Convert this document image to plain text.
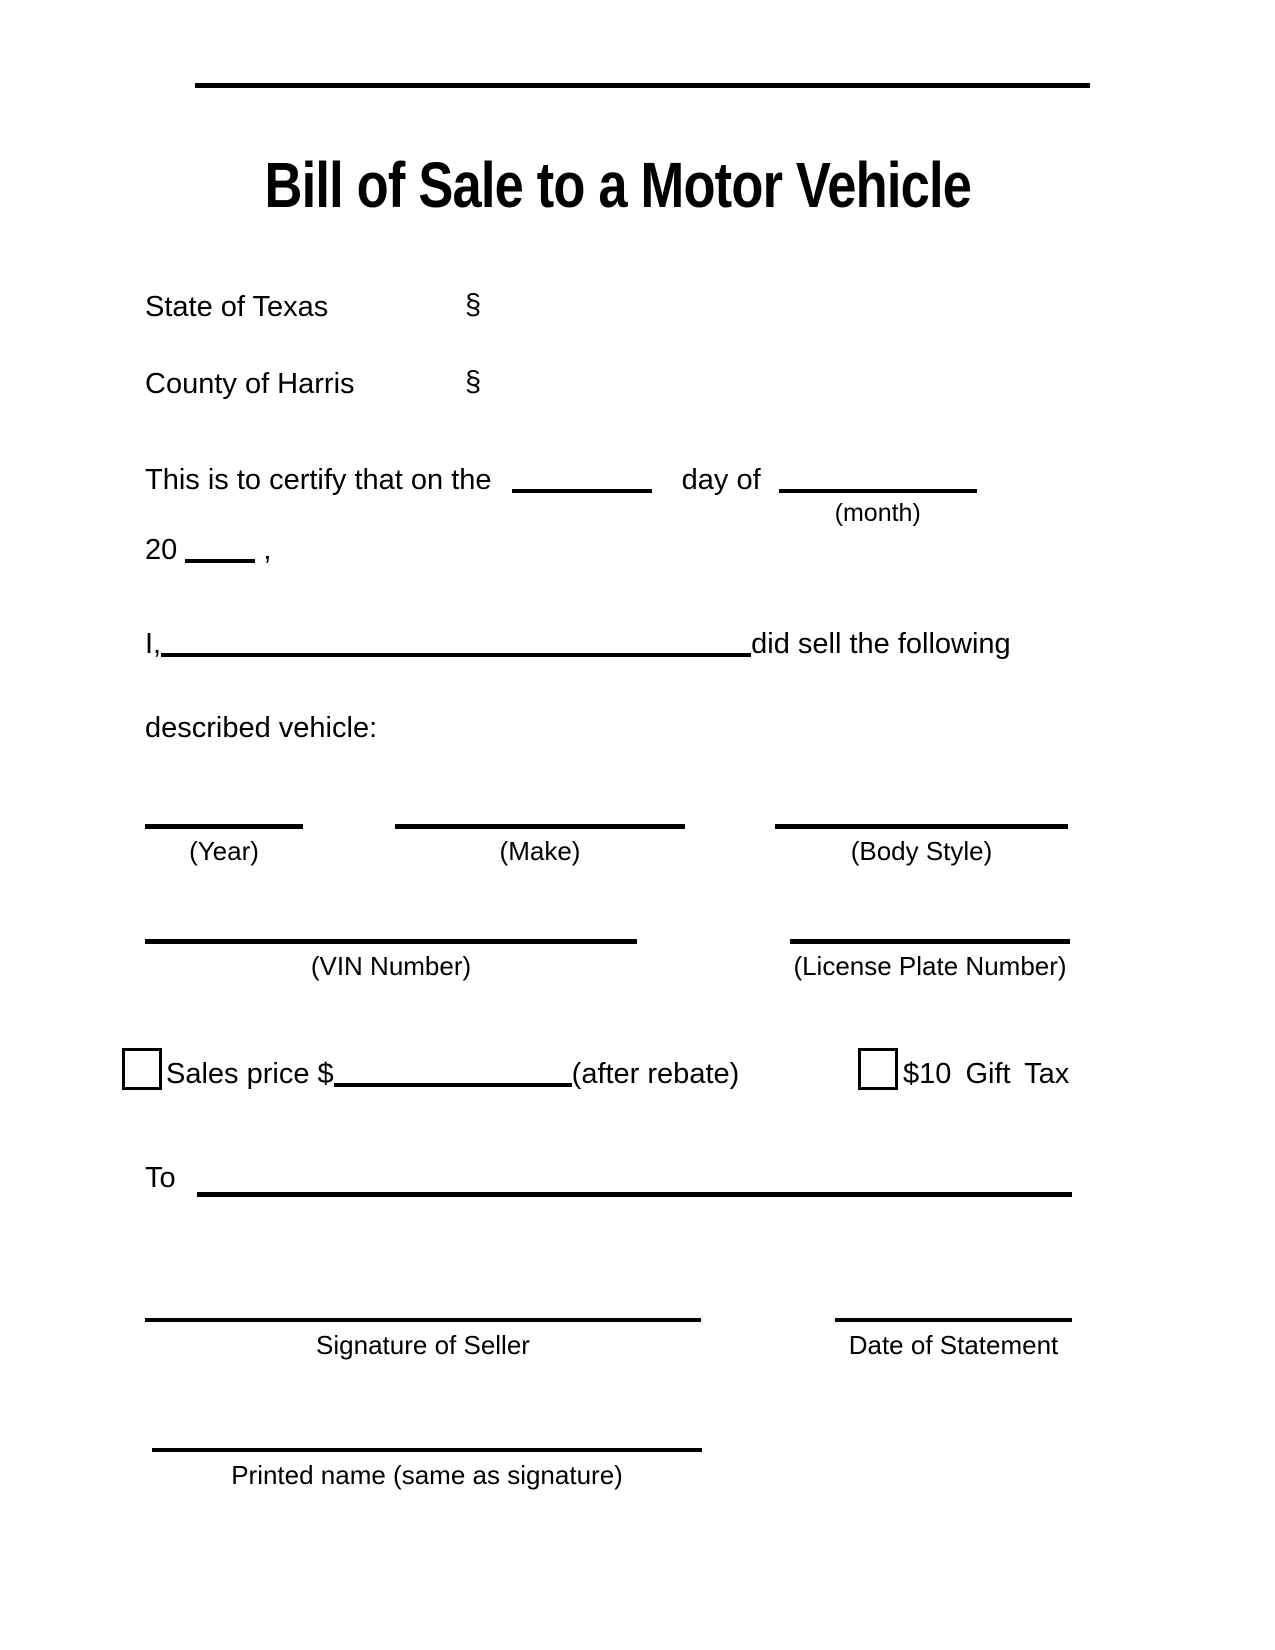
Bill of Sale to a Motor Vehicle
State of Texas	§
County of Harris	§
This is to certify that on the	day of
(month)
20	,
I,	did sell the following
described vehicle:
(Year)	(Make)	(Body Style)
(VIN Number)	(License Plate Number)
Sales price $	(after rebate)	$10 Gift Tax
To
Signature of Seller	Date of Statement
Printed name (same as signature)
